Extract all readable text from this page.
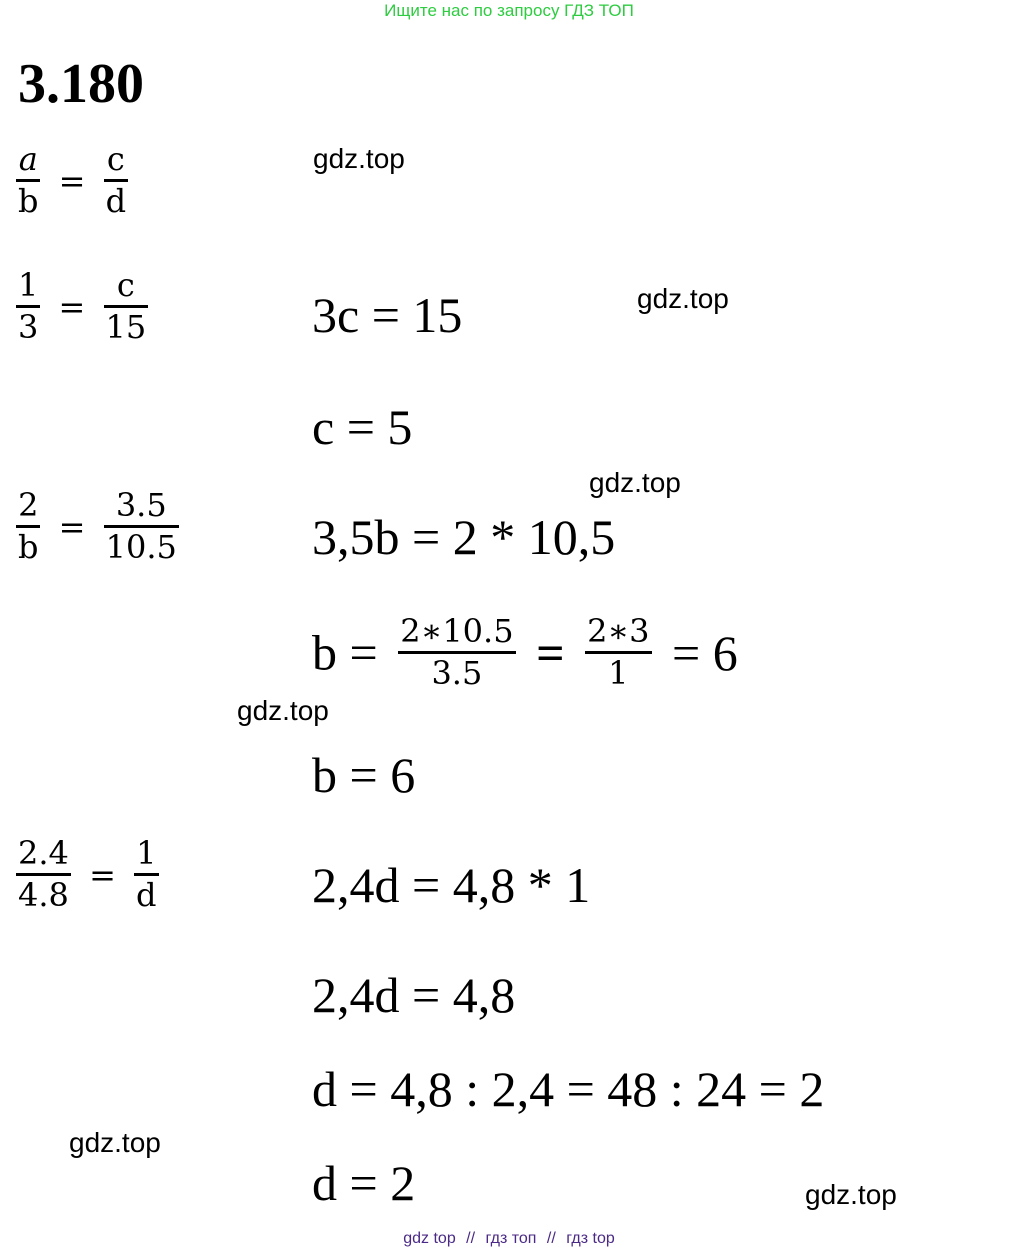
Ищите нас по запросу ГДЗ ТОП
3.180
$\frac{a}{b} = \frac{c}{d}$
$\frac{1}{3} = \frac{c}{15}$	3c = 15
c = 5
$\frac{2}{b} = \frac{3.5}{10.5}$	3,5b = 2 * 10,5
$b = \frac{2∗10.5}{3.5} = \frac{2∗3}{1} = 6$
b = 6
$\frac{2.4}{4.8} = \frac{1}{d}$	2,4d = 4,8 * 1
2,4d = 4,8
d = 4,8 : 2,4 = 48 : 24 = 2
d = 2
gdz.top
gdz.top
gdz.top
gdz.top
gdz.top
gdz.top
gdz top // гдз топ // гдз top
